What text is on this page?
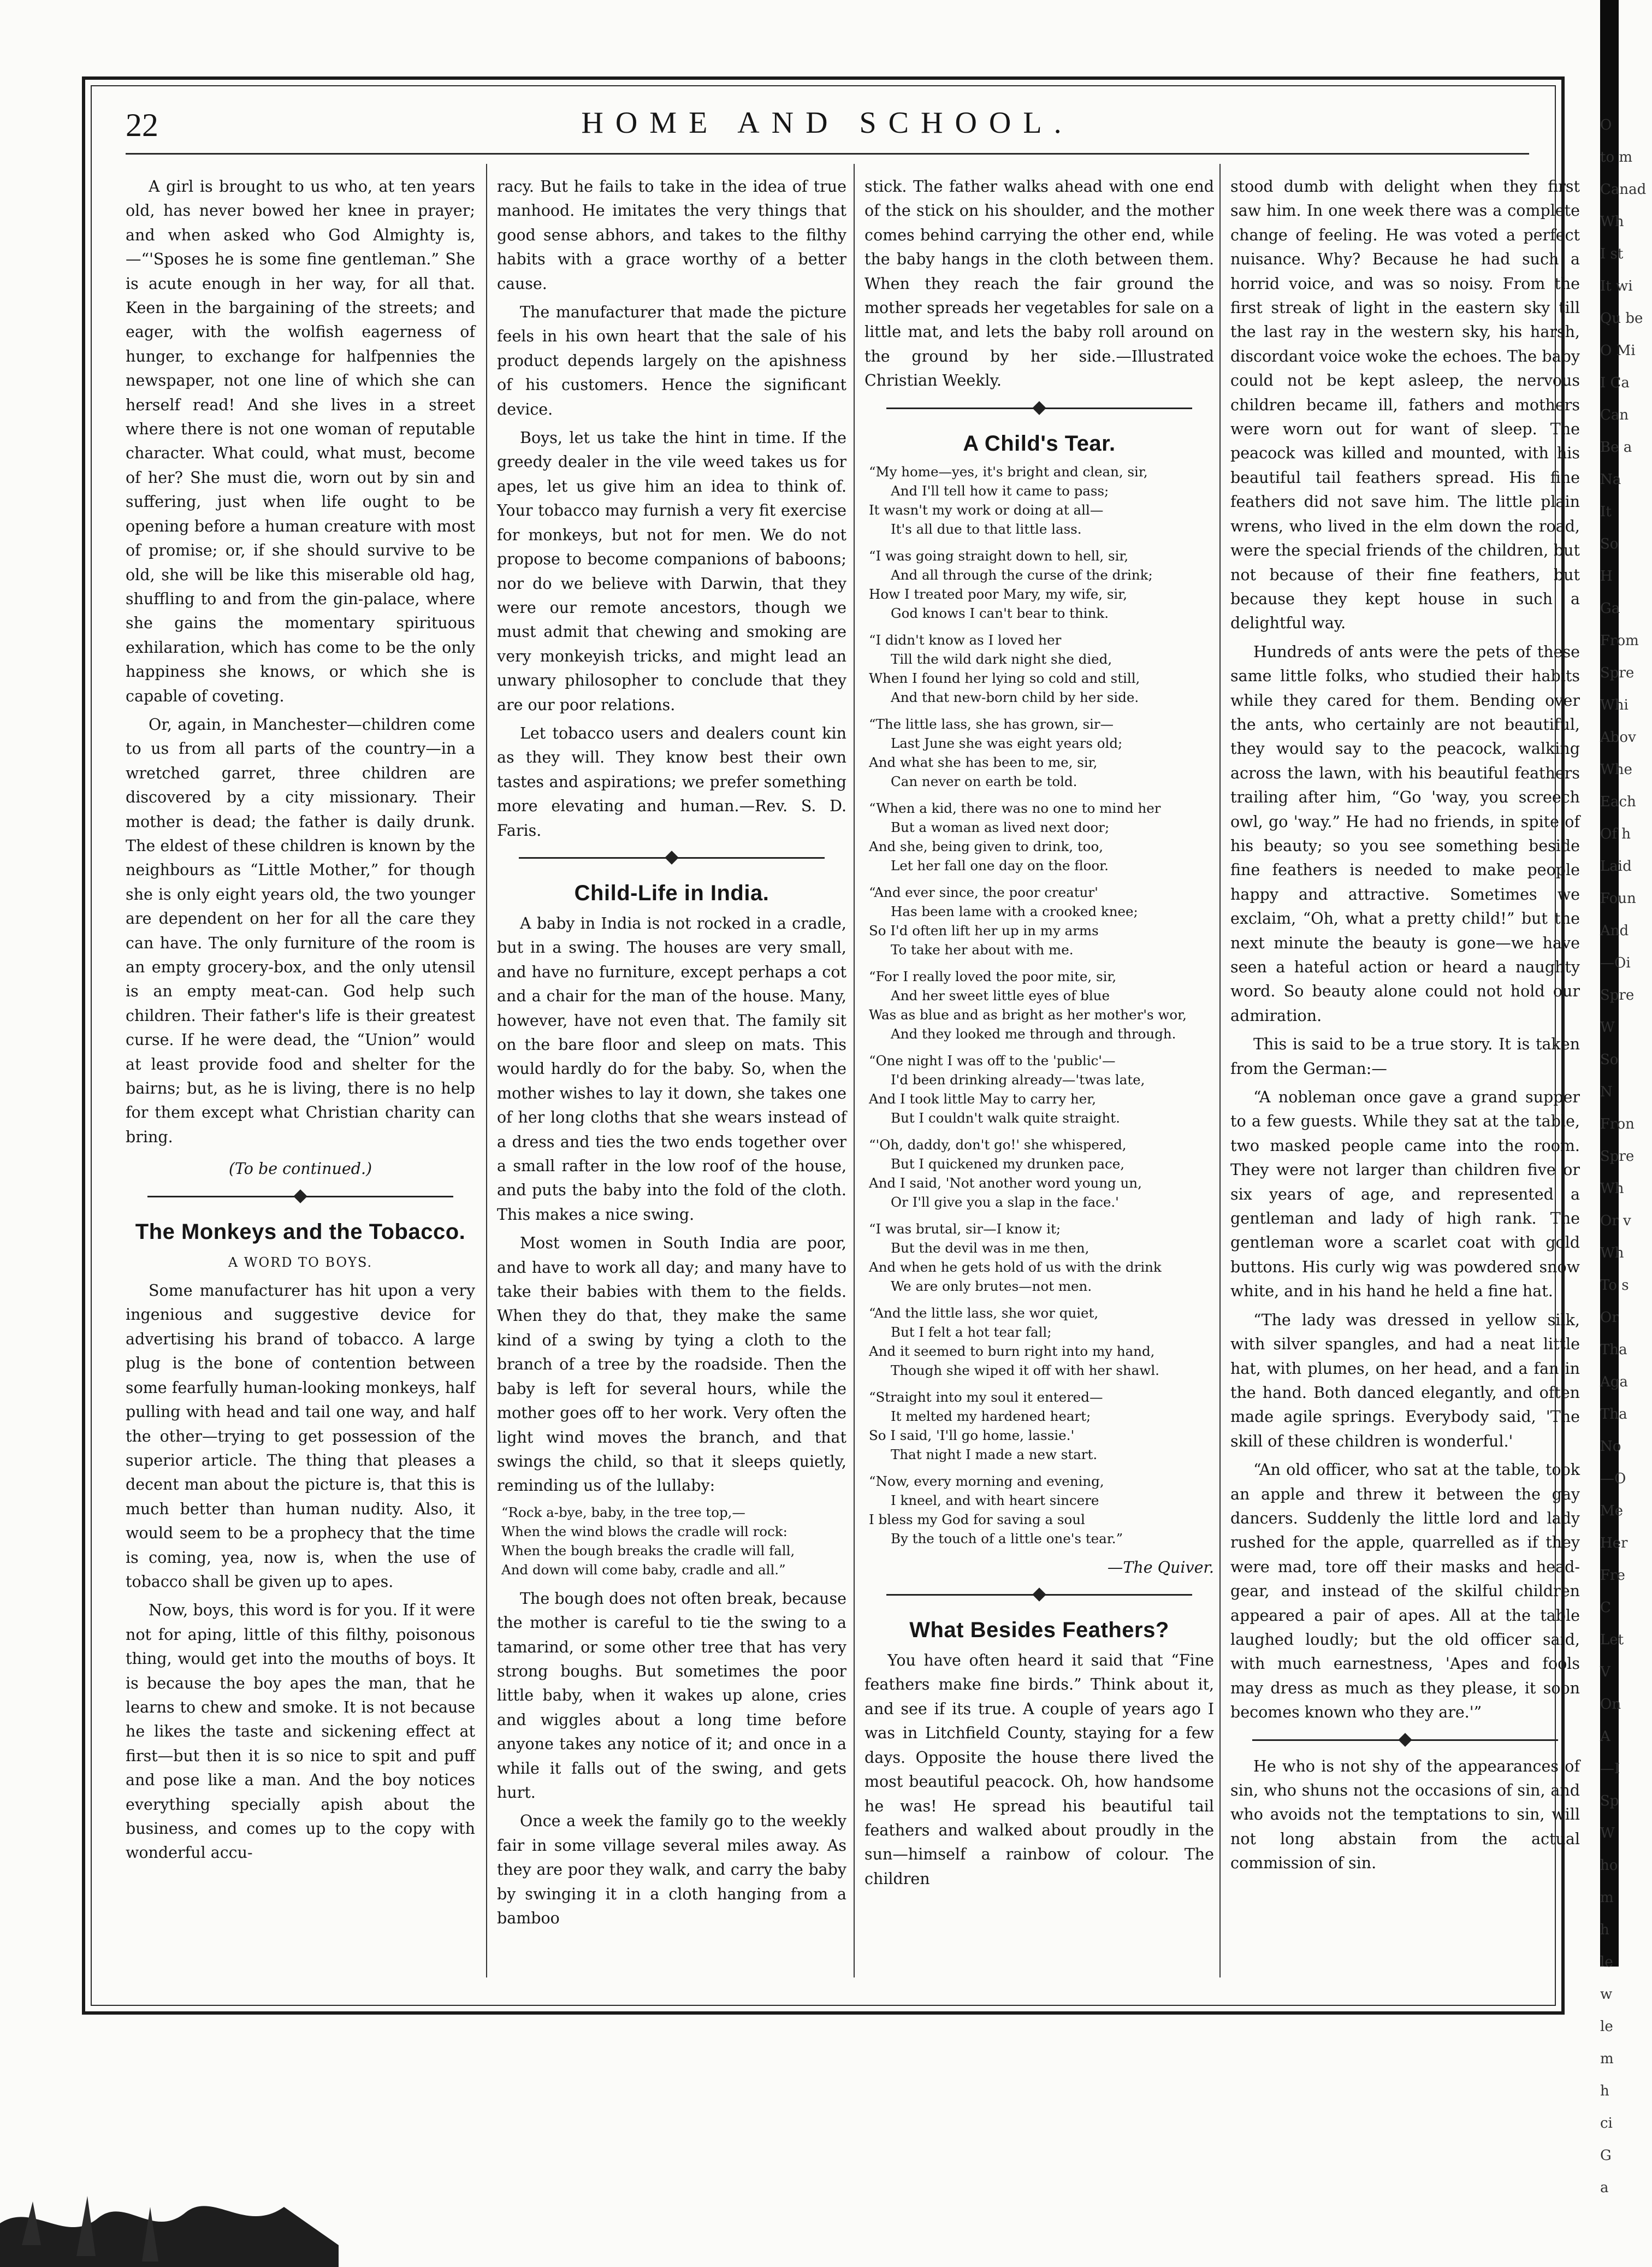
22	HOME AND SCHOOL.

A girl is brought to us who, at ten years old, has never bowed her knee in prayer; and when asked who God Almighty is,—“'Sposes he is some fine gentleman.” She is acute enough in her way, for all that. Keen in the bargaining of the streets; and eager, with the wolfish eagerness of hunger, to exchange for halfpennies the newspaper, not one line of which she can herself read! And she lives in a street where there is not one woman of reputable character. What could, what must, become of her? She must die, worn out by sin and suffering, just when life ought to be opening before a human creature with most of promise; or, if she should survive to be old, she will be like this miserable old hag, shuffling to and from the gin-palace, where she gains the momentary spirituous exhilaration, which has come to be the only happiness she knows, or which she is capable of coveting.

Or, again, in Manchester—children come to us from all parts of the country—in a wretched garret, three children are discovered by a city missionary. Their mother is dead; the father is daily drunk. The eldest of these children is known by the neighbours as “Little Mother,” for though she is only eight years old, the two younger are dependent on her for all the care they can have. The only furniture of the room is an empty grocery-box, and the only utensil is an empty meat-can. God help such children. Their father's life is their greatest curse. If he were dead, the “Union” would at least provide food and shelter for the bairns; but, as he is living, there is no help for them except what Christian charity can bring.

(To be continued.)
The Monkeys and the Tobacco.
A WORD TO BOYS.

Some manufacturer has hit upon a very ingenious and suggestive device for advertising his brand of tobacco. A large plug is the bone of contention between some fearfully human-looking monkeys, half pulling with head and tail one way, and half the other—trying to get possession of the superior article. The thing that pleases a decent man about the picture is, that this is much better than human nudity. Also, it would seem to be a prophecy that the time is coming, yea, now is, when the use of tobacco shall be given up to apes.

Now, boys, this word is for you. If it were not for aping, little of this filthy, poisonous thing, would get into the mouths of boys. It is because the boy apes the man, that he learns to chew and smoke. It is not because he likes the taste and sickening effect at first—but then it is so nice to spit and puff and pose like a man. And the boy notices everything specially apish about the business, and comes up to the copy with wonderful accu-

racy. But he fails to take in the idea of true manhood. He imitates the very things that good sense abhors, and takes to the filthy habits with a grace worthy of a better cause.

The manufacturer that made the picture feels in his own heart that the sale of his product depends largely on the apishness of his customers. Hence the significant device.

Boys, let us take the hint in time. If the greedy dealer in the vile weed takes us for apes, let us give him an idea to think of. Your tobacco may furnish a very fit exercise for monkeys, but not for men. We do not propose to become companions of baboons; nor do we believe with Darwin, that they were our remote ancestors, though we must admit that chewing and smoking are very monkeyish tricks, and might lead an unwary philosopher to conclude that they are our poor relations.

Let tobacco users and dealers count kin as they will. They know best their own tastes and aspirations; we prefer something more elevating and human.—Rev. S. D. Faris.

Child-Life in India.

A baby in India is not rocked in a cradle, but in a swing. The houses are very small, and have no furniture, except perhaps a cot and a chair for the man of the house. Many, however, have not even that. The family sit on the bare floor and sleep on mats. This would hardly do for the baby. So, when the mother wishes to lay it down, she takes one of her long cloths that she wears instead of a dress and ties the two ends together over a small rafter in the low roof of the house, and puts the baby into the fold of the cloth. This makes a nice swing.

Most women in South India are poor, and have to work all day; and many have to take their babies with them to the fields. When they do that, they make the same kind of a swing by tying a cloth to the branch of a tree by the roadside. Then the baby is left for several hours, while the mother goes off to her work. Very often the light wind moves the branch, and that swings the child, so that it sleeps quietly, reminding us of the lullaby:

“Rock a-bye, baby, in the tree top,—
When the wind blows the cradle will rock:
When the bough breaks the cradle will fall,
And down will come baby, cradle and all.”

The bough does not often break, because the mother is careful to tie the swing to a tamarind, or some other tree that has very strong boughs. But sometimes the poor little baby, when it wakes up alone, cries and wiggles about a long time before anyone takes any notice of it; and once in a while it falls out of the swing, and gets hurt.

Once a week the family go to the weekly fair in some village several miles away. As they are poor they walk, and carry the baby by swinging it in a cloth hanging from a bamboo

stick. The father walks ahead with one end of the stick on his shoulder, and the mother comes behind carrying the other end, while the baby hangs in the cloth between them. When they reach the fair ground the mother spreads her vegetables for sale on a little mat, and lets the baby roll around on the ground by her side.—Illustrated Christian Weekly.

A Child's Tear.
“My home—yes, it's bright and clean, sir,
And I'll tell how it came to pass;
It wasn't my work or doing at all—
It's all due to that little lass.
“I was going straight down to hell, sir,
And all through the curse of the drink;
How I treated poor Mary, my wife, sir,
God knows I can't bear to think.
“I didn't know as I loved her
Till the wild dark night she died,
When I found her lying so cold and still,
And that new-born child by her side.
“The little lass, she has grown, sir—
Last June she was eight years old;
And what she has been to me, sir,
Can never on earth be told.
“When a kid, there was no one to mind her
But a woman as lived next door;
And she, being given to drink, too,
Let her fall one day on the floor.
“And ever since, the poor creatur'
Has been lame with a crooked knee;
So I'd often lift her up in my arms
To take her about with me.
“For I really loved the poor mite, sir,
And her sweet little eyes of blue
Was as blue and as bright as her mother's wor,
And they looked me through and through.
“One night I was off to the 'public'—
I'd been drinking already—'twas late,
And I took little May to carry her,
But I couldn't walk quite straight.
“'Oh, daddy, don't go!' she whispered,
But I quickened my drunken pace,
And I said, 'Not another word young un,
Or I'll give you a slap in the face.'
“I was brutal, sir—I know it;
But the devil was in me then,
And when he gets hold of us with the drink
We are only brutes—not men.
“And the little lass, she wor quiet,
But I felt a hot tear fall;
And it seemed to burn right into my hand,
Though she wiped it off with her shawl.
“Straight into my soul it entered—
It melted my hardened heart;
So I said, 'I'll go home, lassie.'
That night I made a new start.
“Now, every morning and evening,
I kneel, and with heart sincere
I bless my God for saving a soul
By the touch of a little one's tear.”
—The Quiver.
What Besides Feathers?

You have often heard it said that “Fine feathers make fine birds.” Think about it, and see if its true. A couple of years ago I was in Litchfield County, staying for a few days. Opposite the house there lived the most beautiful peacock. Oh, how handsome he was! He spread his beautiful tail feathers and walked about proudly in the sun—himself a rainbow of colour. The children

stood dumb with delight when they first saw him. In one week there was a complete change of feeling. He was voted a perfect nuisance. Why? Because he had such a horrid voice, and was so noisy. From the first streak of light in the eastern sky till the last ray in the western sky, his harsh, discordant voice woke the echoes. The baby could not be kept asleep, the nervous children became ill, fathers and mothers were worn out for want of sleep. The peacock was killed and mounted, with his beautiful tail feathers spread. His fine feathers did not save him. The little plain wrens, who lived in the elm down the road, were the special friends of the children, but not because of their fine feathers, but because they kept house in such a delightful way.

Hundreds of ants were the pets of these same little folks, who studied their habits while they cared for them. Bending over the ants, who certainly are not beautiful, they would say to the peacock, walking across the lawn, with his beautiful feathers trailing after him, “Go 'way, you screech owl, go 'way.” He had no friends, in spite of his beauty; so you see something beside fine feathers is needed to make people happy and attractive. Sometimes we exclaim, “Oh, what a pretty child!” but the next minute the beauty is gone—we have seen a hateful action or heard a naughty word. So beauty alone could not hold our admiration.

This is said to be a true story. It is taken from the German:—

“A nobleman once gave a grand supper to a few guests. While they sat at the table, two masked people came into the room. They were not larger than children five or six years of age, and represented a gentleman and lady of high rank. The gentleman wore a scarlet coat with gold buttons. His curly wig was powdered snow white, and in his hand he held a fine hat.

“The lady was dressed in yellow silk, with silver spangles, and had a neat little hat, with plumes, on her head, and a fan in the hand. Both danced elegantly, and often made agile springs. Everybody said, 'The skill of these children is wonderful.'

“An old officer, who sat at the table, took an apple and threw it between the gay dancers. Suddenly the little lord and lady rushed for the apple, quarrelled as if they were mad, tore off their masks and head-gear, and instead of the skilful children appeared a pair of apes. All at the table laughed loudly; but the old officer said, with much earnestness, 'Apes and fools may dress as much as they please, it soon becomes known who they are.'”

He who is not shy of the appearances of sin, who shuns not the occasions of sin, and who avoids not the temptations to sin, will not long abstain from the actual commission of sin.

O
to m
Canad
Wh
I st
It wi
Qu be
O Mi
I Ca
Can
Be a
Na
It
So
H
Ga
From
Spre
Whi
Abov
Whe
Each
Of h
Laid
Foun
And
—Oi
Spre
W
So
N
Fron
Spre
Wh
Or v
Wh
To s
Or
Tha
Aga
Tha
No
—O
Me
Her
Fre
C
Let
V
On
A
—I
Sp
W
ho
m
h
le
w
le
m
h
ci
G
a
